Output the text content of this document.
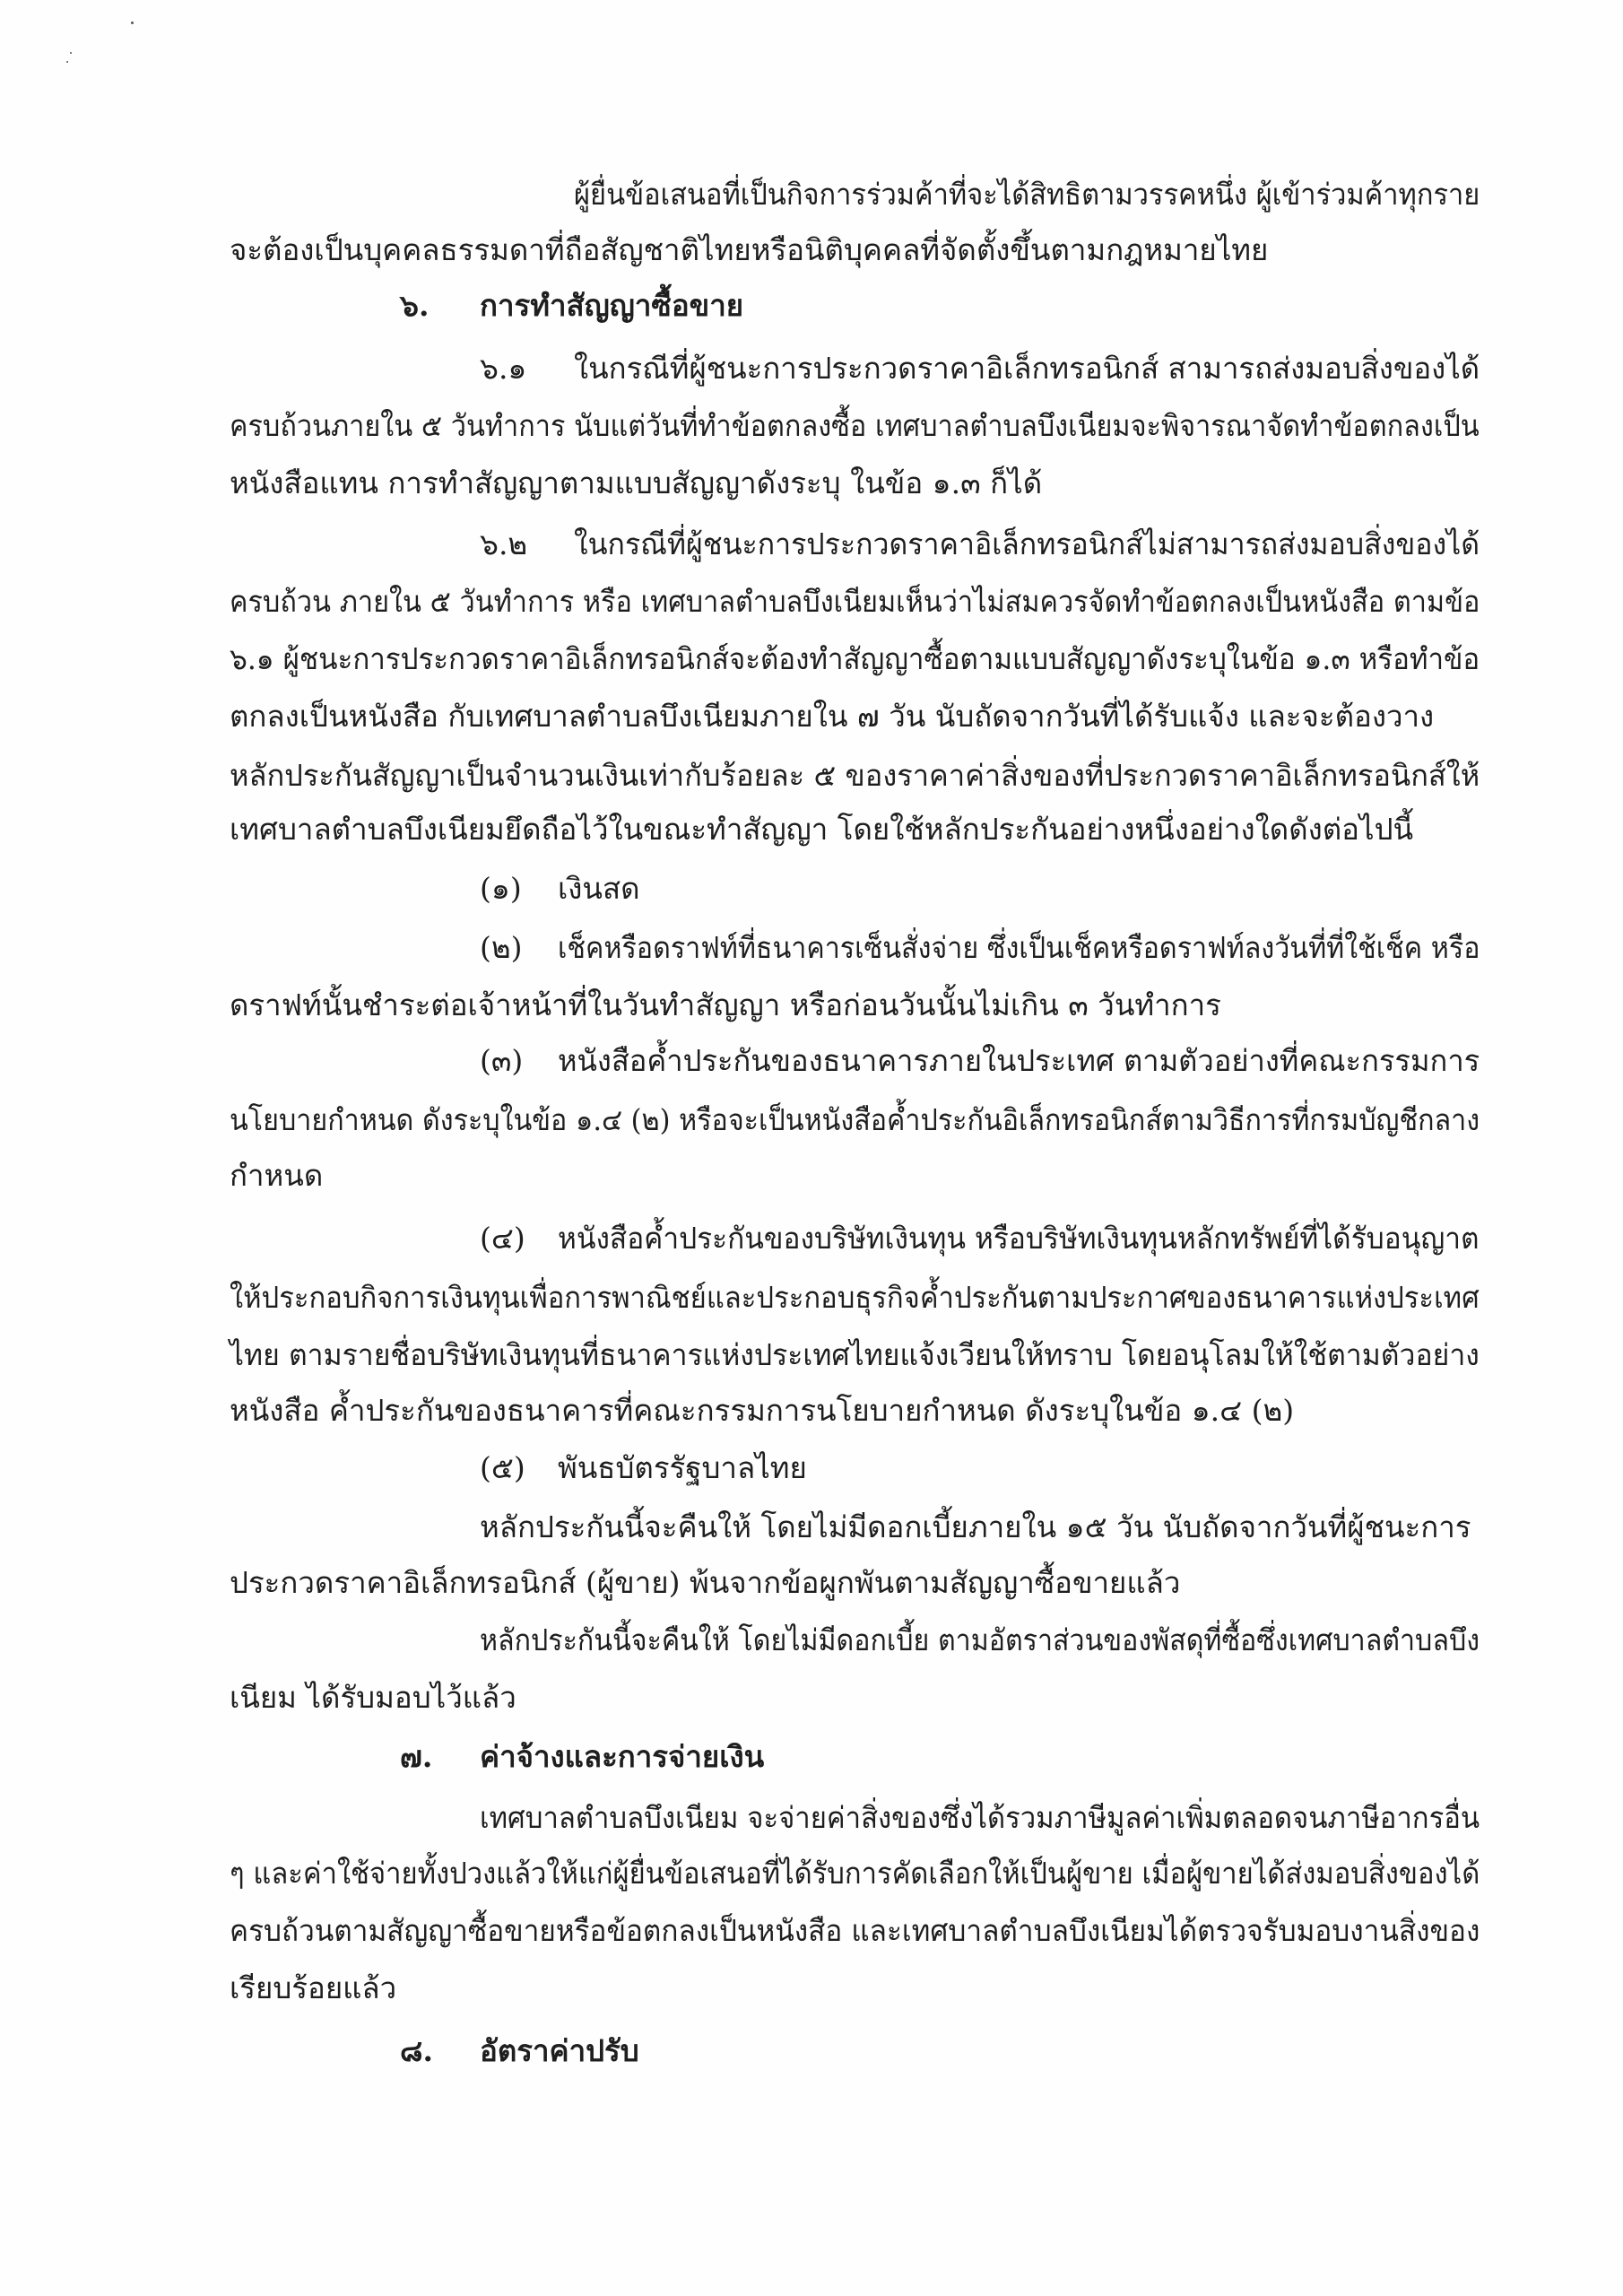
ผู้ยื่นข้อเสนอที่เป็นกิจการร่วมค้าที่จะได้สิทธิตามวรรคหนึ่ง ผู้เข้าร่วมค้าทุกราย
จะต้องเป็นบุคคลธรรมดาที่ถือสัญชาติไทยหรือนิติบุคคลที่จัดตั้งขึ้นตามกฎหมายไทย
๖. การทำสัญญาซื้อขาย
๖.๑ ในกรณีที่ผู้ชนะการประกวดราคาอิเล็กทรอนิกส์ สามารถส่งมอบสิ่งของได้
ครบถ้วนภายใน ๕ วันทำการ นับแต่วันที่ทำข้อตกลงซื้อ เทศบาลตำบลบึงเนียมจะพิจารณาจัดทำข้อตกลงเป็น
หนังสือแทน การทำสัญญาตามแบบสัญญาดังระบุ ในข้อ ๑.๓ ก็ได้
๖.๒ ในกรณีที่ผู้ชนะการประกวดราคาอิเล็กทรอนิกส์ไม่สามารถส่งมอบสิ่งของได้
ครบถ้วน ภายใน ๕ วันทำการ หรือ เทศบาลตำบลบึงเนียมเห็นว่าไม่สมควรจัดทำข้อตกลงเป็นหนังสือ ตามข้อ
๖.๑ ผู้ชนะการประกวดราคาอิเล็กทรอนิกส์จะต้องทำสัญญาซื้อตามแบบสัญญาดังระบุในข้อ ๑.๓ หรือทำข้อ
ตกลงเป็นหนังสือ กับเทศบาลตำบลบึงเนียมภายใน ๗ วัน นับถัดจากวันที่ได้รับแจ้ง และจะต้องวาง
หลักประกันสัญญาเป็นจำนวนเงินเท่ากับร้อยละ ๕ ของราคาค่าสิ่งของที่ประกวดราคาอิเล็กทรอนิกส์ให้
เทศบาลตำบลบึงเนียมยึดถือไว้ในขณะทำสัญญา โดยใช้หลักประกันอย่างหนึ่งอย่างใดดังต่อไปนี้
(๑) เงินสด
(๒) เช็คหรือดราฟท์ที่ธนาคารเซ็นสั่งจ่าย ซึ่งเป็นเช็คหรือดราฟท์ลงวันที่ที่ใช้เช็ค หรือ
ดราฟท์นั้นชำระต่อเจ้าหน้าที่ในวันทำสัญญา หรือก่อนวันนั้นไม่เกิน ๓ วันทำการ
(๓) หนังสือค้ำประกันของธนาคารภายในประเทศ ตามตัวอย่างที่คณะกรรมการ
นโยบายกำหนด ดังระบุในข้อ ๑.๔ (๒) หรือจะเป็นหนังสือค้ำประกันอิเล็กทรอนิกส์ตามวิธีการที่กรมบัญชีกลาง
กำหนด
(๔) หนังสือค้ำประกันของบริษัทเงินทุน หรือบริษัทเงินทุนหลักทรัพย์ที่ได้รับอนุญาต
ให้ประกอบกิจการเงินทุนเพื่อการพาณิชย์และประกอบธุรกิจค้ำประกันตามประกาศของธนาคารแห่งประเทศ
ไทย ตามรายชื่อบริษัทเงินทุนที่ธนาคารแห่งประเทศไทยแจ้งเวียนให้ทราบ โดยอนุโลมให้ใช้ตามตัวอย่าง
หนังสือ ค้ำประกันของธนาคารที่คณะกรรมการนโยบายกำหนด ดังระบุในข้อ ๑.๔ (๒)
(๕) พันธบัตรรัฐบาลไทย
หลักประกันนี้จะคืนให้ โดยไม่มีดอกเบี้ยภายใน ๑๕ วัน นับถัดจากวันที่ผู้ชนะการ
ประกวดราคาอิเล็กทรอนิกส์ (ผู้ขาย) พ้นจากข้อผูกพันตามสัญญาซื้อขายแล้ว
หลักประกันนี้จะคืนให้ โดยไม่มีดอกเบี้ย ตามอัตราส่วนของพัสดุที่ซื้อซึ่งเทศบาลตำบลบึง
เนียม ได้รับมอบไว้แล้ว
๗. ค่าจ้างและการจ่ายเงิน
เทศบาลตำบลบึงเนียม จะจ่ายค่าสิ่งของซึ่งได้รวมภาษีมูลค่าเพิ่มตลอดจนภาษีอากรอื่น
ๆ และค่าใช้จ่ายทั้งปวงแล้วให้แก่ผู้ยื่นข้อเสนอที่ได้รับการคัดเลือกให้เป็นผู้ขาย เมื่อผู้ขายได้ส่งมอบสิ่งของได้
ครบถ้วนตามสัญญาซื้อขายหรือข้อตกลงเป็นหนังสือ และเทศบาลตำบลบึงเนียมได้ตรวจรับมอบงานสิ่งของ
เรียบร้อยแล้ว
๘. อัตราค่าปรับ
